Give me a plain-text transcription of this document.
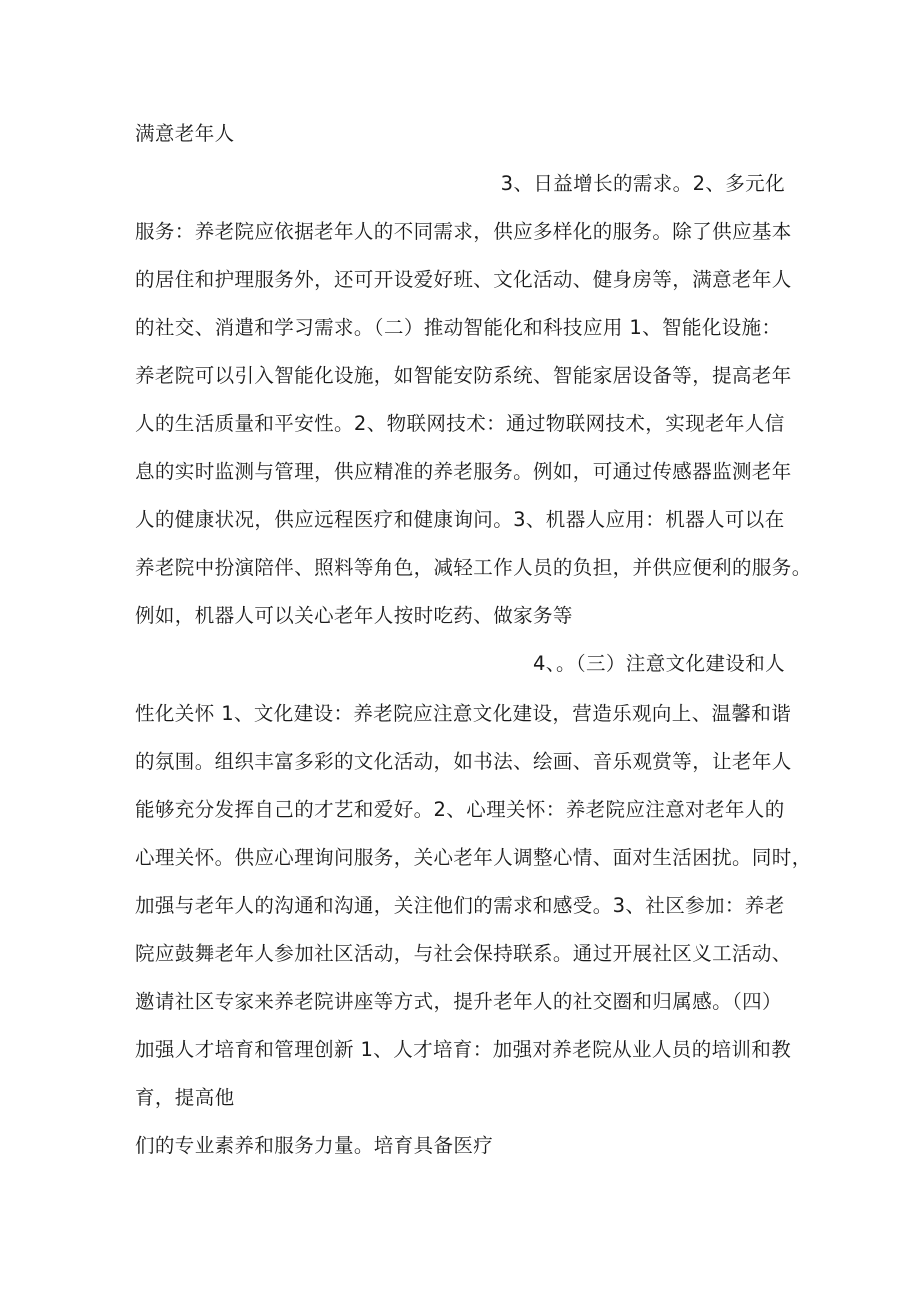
满意老年人
3、日益增长的需求。2、多元化
服务：养老院应依据老年人的不同需求，供应多样化的服务。除了供应基本
的居住和护理服务外，还可开设爱好班、文化活动、健身房等，满意老年人
的社交、消遣和学习需求。（二）推动智能化和科技应用 1、智能化设施：
养老院可以引入智能化设施，如智能安防系统、智能家居设备等，提高老年
人的生活质量和平安性。2、物联网技术：通过物联网技术，实现老年人信
息的实时监测与管理，供应精准的养老服务。例如，可通过传感器监测老年
人的健康状况，供应远程医疗和健康询问。3、机器人应用：机器人可以在
养老院中扮演陪伴、照料等角色，减轻工作人员的负担，并供应便利的服务。
例如，机器人可以关心老年人按时吃药、做家务等
4、。（三）注意文化建设和人
性化关怀 1、文化建设：养老院应注意文化建设，营造乐观向上、温馨和谐
的氛围。组织丰富多彩的文化活动，如书法、绘画、音乐观赏等，让老年人
能够充分发挥自己的才艺和爱好。2、心理关怀：养老院应注意对老年人的
心理关怀。供应心理询问服务，关心老年人调整心情、面对生活困扰。同时，
加强与老年人的沟通和沟通，关注他们的需求和感受。3、社区参加：养老
院应鼓舞老年人参加社区活动，与社会保持联系。通过开展社区义工活动、
邀请社区专家来养老院讲座等方式，提升老年人的社交圈和归属感。（四）
加强人才培育和管理创新 1、人才培育：加强对养老院从业人员的培训和教
育，提高他
们的专业素养和服务力量。培育具备医疗
